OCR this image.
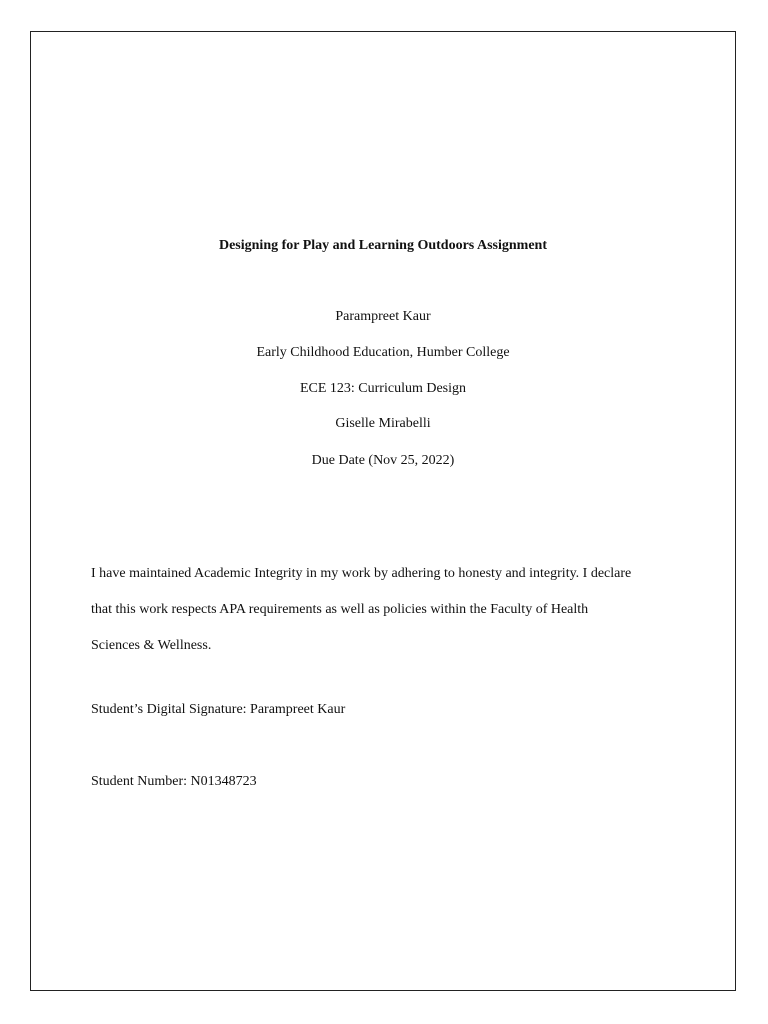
Designing for Play and Learning Outdoors Assignment
Parampreet Kaur
Early Childhood Education, Humber College
ECE 123: Curriculum Design
Giselle Mirabelli
Due Date (Nov 25, 2022)

I have maintained Academic Integrity in my work by adhering to honesty and integrity. I declare

that this work respects APA requirements as well as policies within the Faculty of Health

Sciences & Wellness.

Student’s Digital Signature: Parampreet Kaur
Student Number: N01348723
